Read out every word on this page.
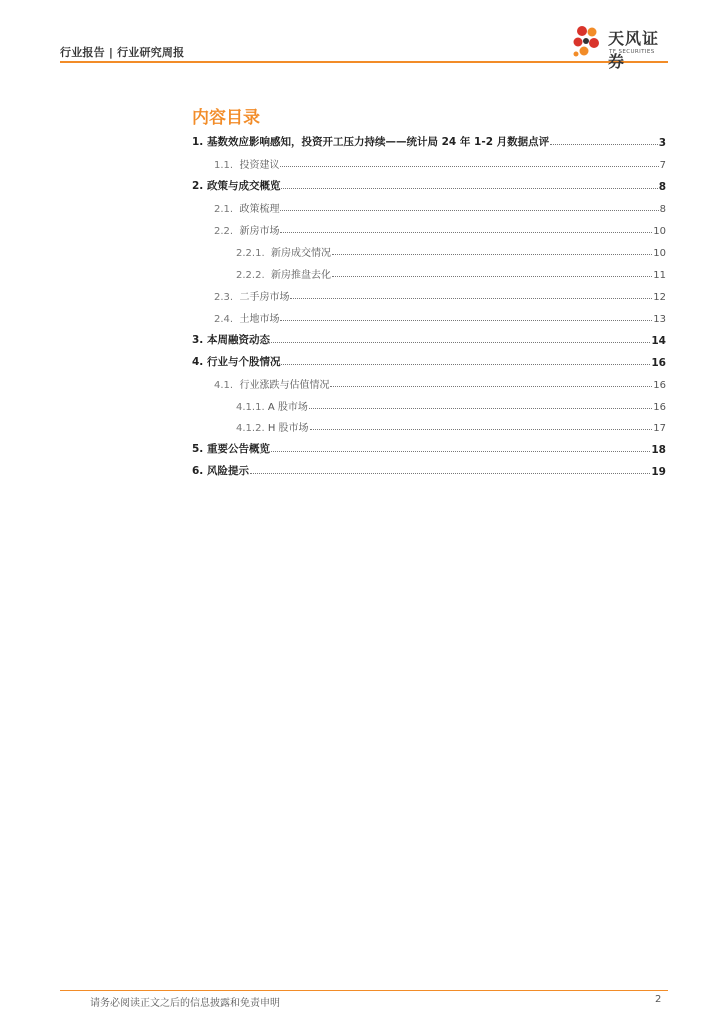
行业报告 | 行业研究周报
天风证券
TF SECURITIES
内容目录
1. 基数效应影响感知，投资开工压力持续——统计局 24 年 1-2 月数据点评	3
1.1. 投资建议	7
2. 政策与成交概览	8
2.1. 政策梳理	8
2.2. 新房市场	10
2.2.1. 新房成交情况	10
2.2.2. 新房推盘去化	11
2.3. 二手房市场	12
2.4. 土地市场	13
3. 本周融资动态	14
4. 行业与个股情况	16
4.1. 行业涨跌与估值情况	16
4.1.1. A 股市场	16
4.1.2. H 股市场	17
5. 重要公告概览	18
6. 风险提示	19
请务必阅读正文之后的信息披露和免责申明	2
